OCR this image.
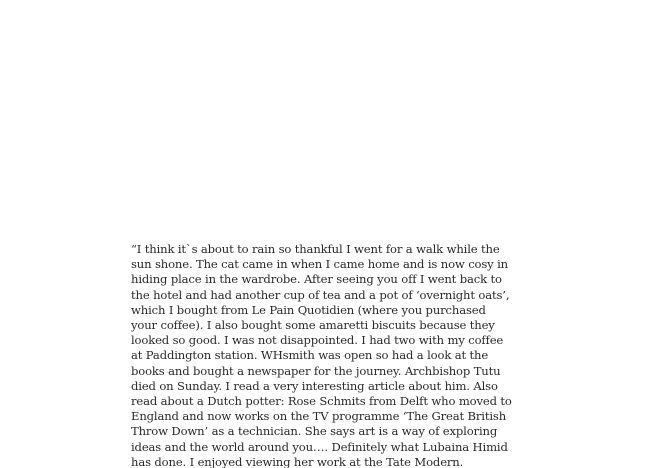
“I think it`s about to rain so thankful I went for a walk while the
sun shone. The cat came in when I came home and is now cosy in
hiding place in the wardrobe. After seeing you off I went back to
the hotel and had another cup of tea and a pot of ‘overnight oats’,
which I bought from Le Pain Quotidien (where you purchased
your coffee). I also bought some amaretti biscuits because they
looked so good. I was not disappointed. I had two with my coffee
at Paddington station. WHsmith was open so had a look at the
books and bought a newspaper for the journey. Archbishop Tutu
died on Sunday. I read a very interesting article about him. Also
read about a Dutch potter: Rose Schmits from Delft who moved to
England and now works on the TV programme ‘The Great British
Throw Down’ as a technician. She says art is a way of exploring
ideas and the world around you…. Definitely what Lubaina Himid
has done. I enjoyed viewing her work at the Tate Modern.
